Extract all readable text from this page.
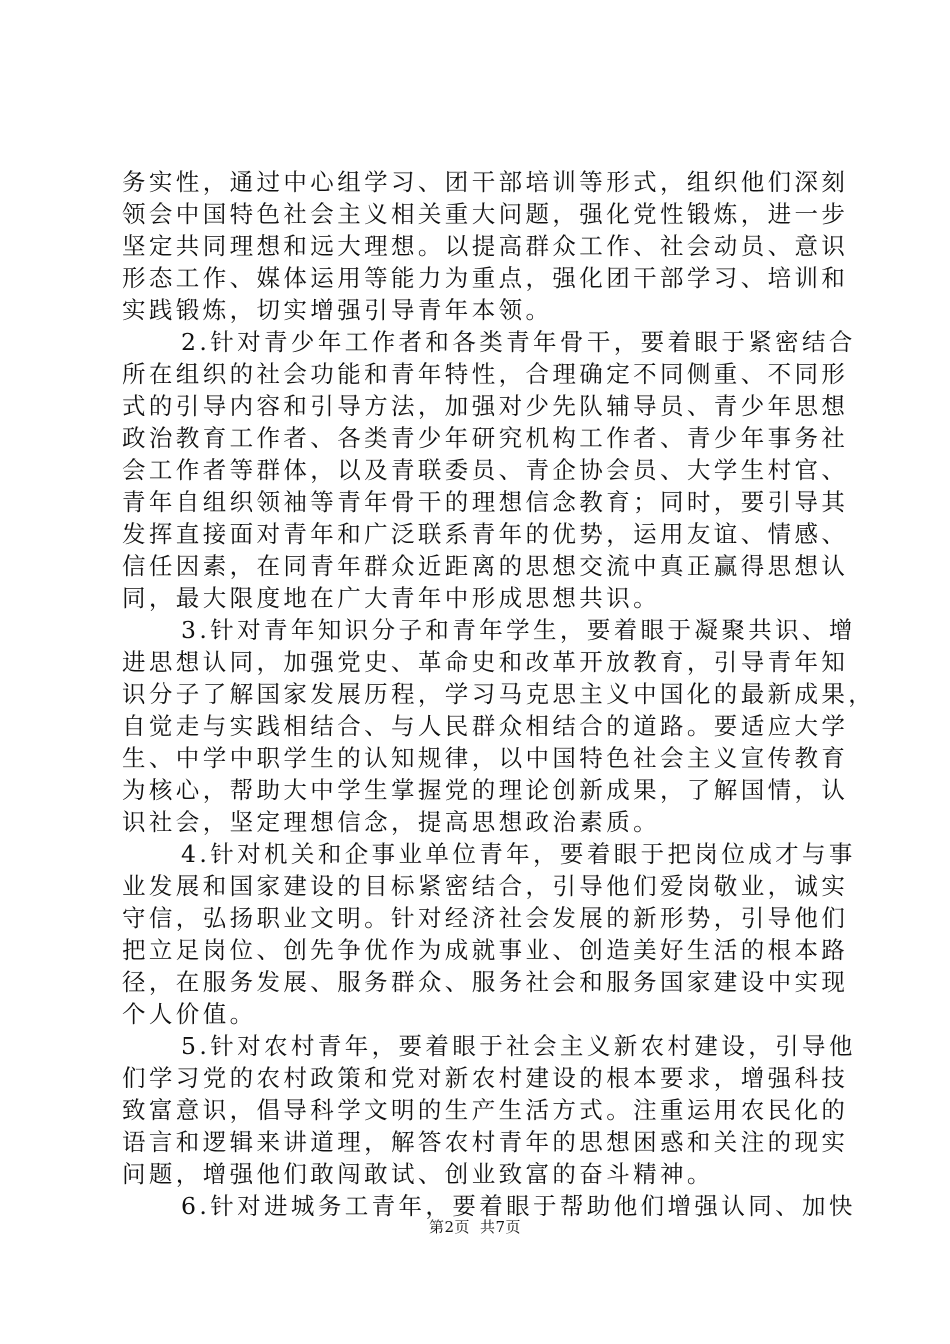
务实性，通过中心组学习、团干部培训等形式，组织他们深刻
领会中国特色社会主义相关重大问题，强化党性锻炼，进一步
坚定共同理想和远大理想。以提高群众工作、社会动员、意识
形态工作、媒体运用等能力为重点，强化团干部学习、培训和
实践锻炼，切实增强引导青年本领。
2.针对青少年工作者和各类青年骨干，要着眼于紧密结合
所在组织的社会功能和青年特性，合理确定不同侧重、不同形
式的引导内容和引导方法，加强对少先队辅导员、青少年思想
政治教育工作者、各类青少年研究机构工作者、青少年事务社
会工作者等群体，以及青联委员、青企协会员、大学生村官、
青年自组织领袖等青年骨干的理想信念教育；同时，要引导其
发挥直接面对青年和广泛联系青年的优势，运用友谊、情感、
信任因素，在同青年群众近距离的思想交流中真正赢得思想认
同，最大限度地在广大青年中形成思想共识。
3.针对青年知识分子和青年学生，要着眼于凝聚共识、增
进思想认同，加强党史、革命史和改革开放教育，引导青年知
识分子了解国家发展历程，学习马克思主义中国化的最新成果，
自觉走与实践相结合、与人民群众相结合的道路。要适应大学
生、中学中职学生的认知规律，以中国特色社会主义宣传教育
为核心，帮助大中学生掌握党的理论创新成果，了解国情，认
识社会，坚定理想信念，提高思想政治素质。
4.针对机关和企事业单位青年，要着眼于把岗位成才与事
业发展和国家建设的目标紧密结合，引导他们爱岗敬业，诚实
守信，弘扬职业文明。针对经济社会发展的新形势，引导他们
把立足岗位、创先争优作为成就事业、创造美好生活的根本路
径，在服务发展、服务群众、服务社会和服务国家建设中实现
个人价值。
5.针对农村青年，要着眼于社会主义新农村建设，引导他
们学习党的农村政策和党对新农村建设的根本要求，增强科技
致富意识，倡导科学文明的生产生活方式。注重运用农民化的
语言和逻辑来讲道理，解答农村青年的思想困惑和关注的现实
问题，增强他们敢闯敢试、创业致富的奋斗精神。
6.针对进城务工青年，要着眼于帮助他们增强认同、加快
第2页 共7页
